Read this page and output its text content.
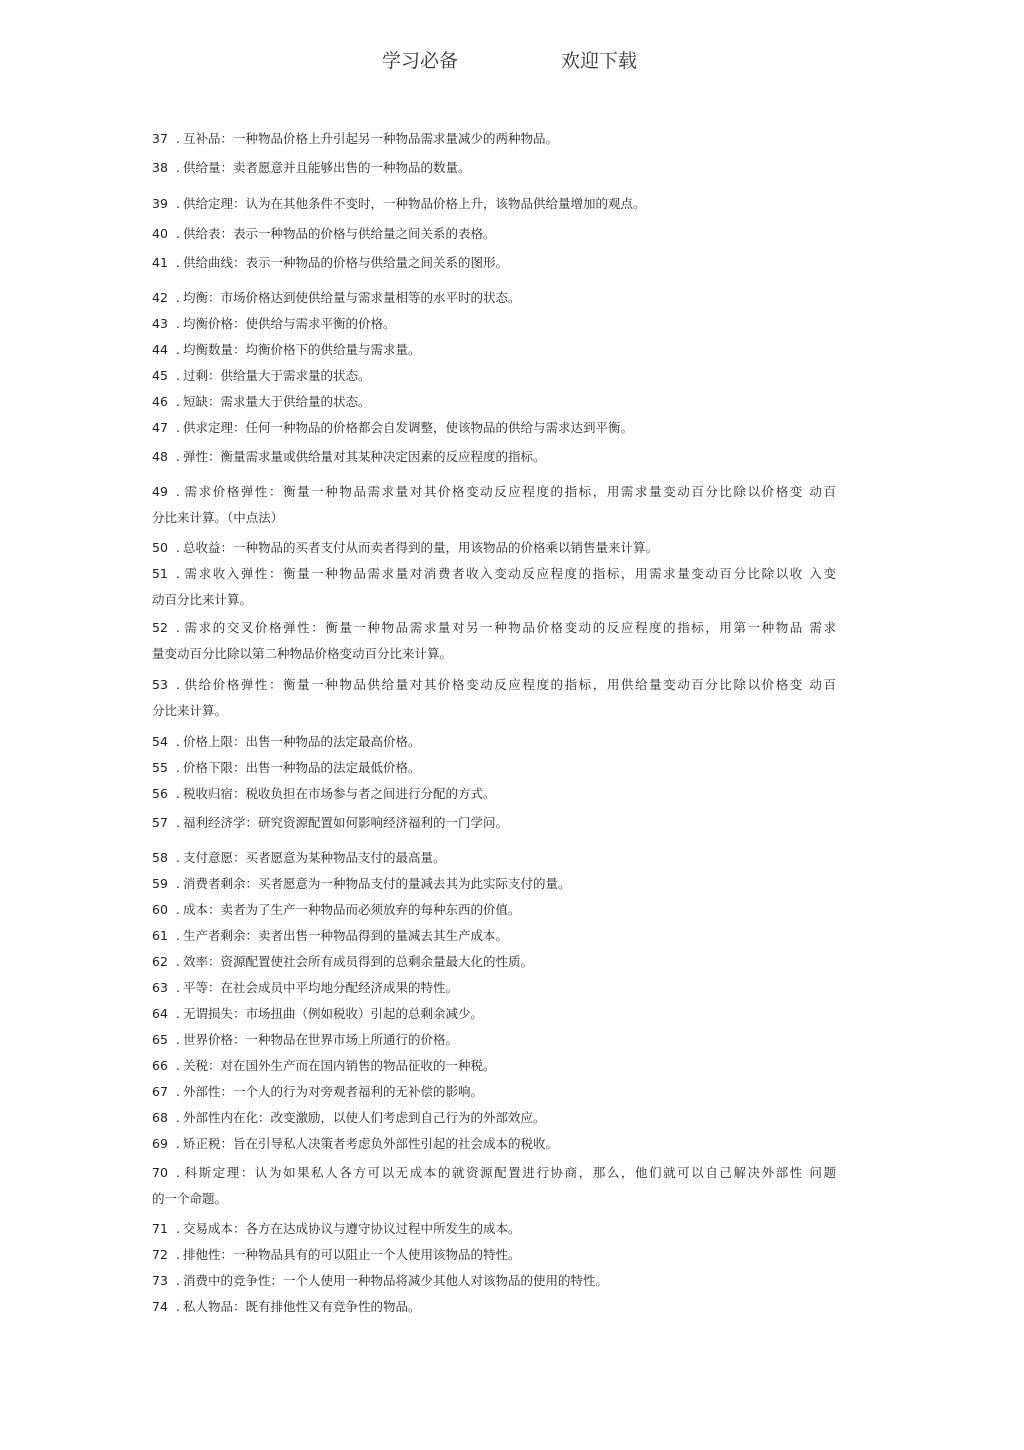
学习必备	欢迎下载
37 . 互补品：一种物品价格上升引起另一种物品需求量减少的两种物品。
38 . 供给量：卖者愿意并且能够出售的一种物品的数量。
39 . 供给定理：认为在其他条件不变时，一种物品价格上升，该物品供给量增加的观点。
40 . 供给表：表示一种物品的价格与供给量之间关系的表格。
41 . 供给曲线：表示一种物品的价格与供给量之间关系的图形。
42 . 均衡：市场价格达到使供给量与需求量相等的水平时的状态。
43 . 均衡价格：使供给与需求平衡的价格。
44 . 均衡数量：均衡价格下的供给量与需求量。
45 . 过剩：供给量大于需求量的状态。
46 . 短缺：需求量大于供给量的状态。
47 . 供求定理：任何一种物品的价格都会自发调整，使该物品的供给与需求达到平衡。
48 . 弹性：衡量需求量或供给量对其某种决定因素的反应程度的指标。
49 . 需求价格弹性：衡量一种物品需求量对其价格变动反应程度的指标，用需求量变动百分比除以价格变 动百
分比来计算。（中点法）
50 . 总收益：一种物品的买者支付从而卖者得到的量，用该物品的价格乘以销售量来计算。
51 . 需求收入弹性：衡量一种物品需求量对消费者收入变动反应程度的指标，用需求量变动百分比除以收 入变
动百分比来计算。
52 . 需求的交叉价格弹性：衡量一种物品需求量对另一种物品价格变动的反应程度的指标，用第一种物品 需求
量变动百分比除以第二种物品价格变动百分比来计算。
53 . 供给价格弹性：衡量一种物品供给量对其价格变动反应程度的指标，用供给量变动百分比除以价格变 动百
分比来计算。
54 . 价格上限：出售一种物品的法定最高价格。
55 . 价格下限：出售一种物品的法定最低价格。
56 . 税收归宿：税收负担在市场参与者之间进行分配的方式。
57 . 福利经济学：研究资源配置如何影响经济福利的一门学问。
58 . 支付意愿：买者愿意为某种物品支付的最高量。
59 . 消费者剩余：买者愿意为一种物品支付的量减去其为此实际支付的量。
60 . 成本：卖者为了生产一种物品而必须放弃的每种东西的价值。
61 . 生产者剩余：卖者出售一种物品得到的量减去其生产成本。
62 . 效率：资源配置使社会所有成员得到的总剩余量最大化的性质。
63 . 平等：在社会成员中平均地分配经济成果的特性。
64 . 无谓损失：市场扭曲（例如税收）引起的总剩余减少。
65 . 世界价格：一种物品在世界市场上所通行的价格。
66 . 关税：对在国外生产而在国内销售的物品征收的一种税。
67 . 外部性：一个人的行为对旁观者福利的无补偿的影响。
68 . 外部性内在化：改变激励，以使人们考虑到自己行为的外部效应。
69 . 矫正税：旨在引导私人决策者考虑负外部性引起的社会成本的税收。
70 . 科斯定理：认为如果私人各方可以无成本的就资源配置进行协商，那么，他们就可以自己解决外部性 问题
的一个命题。
71 . 交易成本：各方在达成协议与遵守协议过程中所发生的成本。
72 . 排他性：一种物品具有的可以阻止一个人使用该物品的特性。
73 . 消费中的竞争性：一个人使用一种物品将减少其他人对该物品的使用的特性。
74 . 私人物品：既有排他性又有竞争性的物品。
